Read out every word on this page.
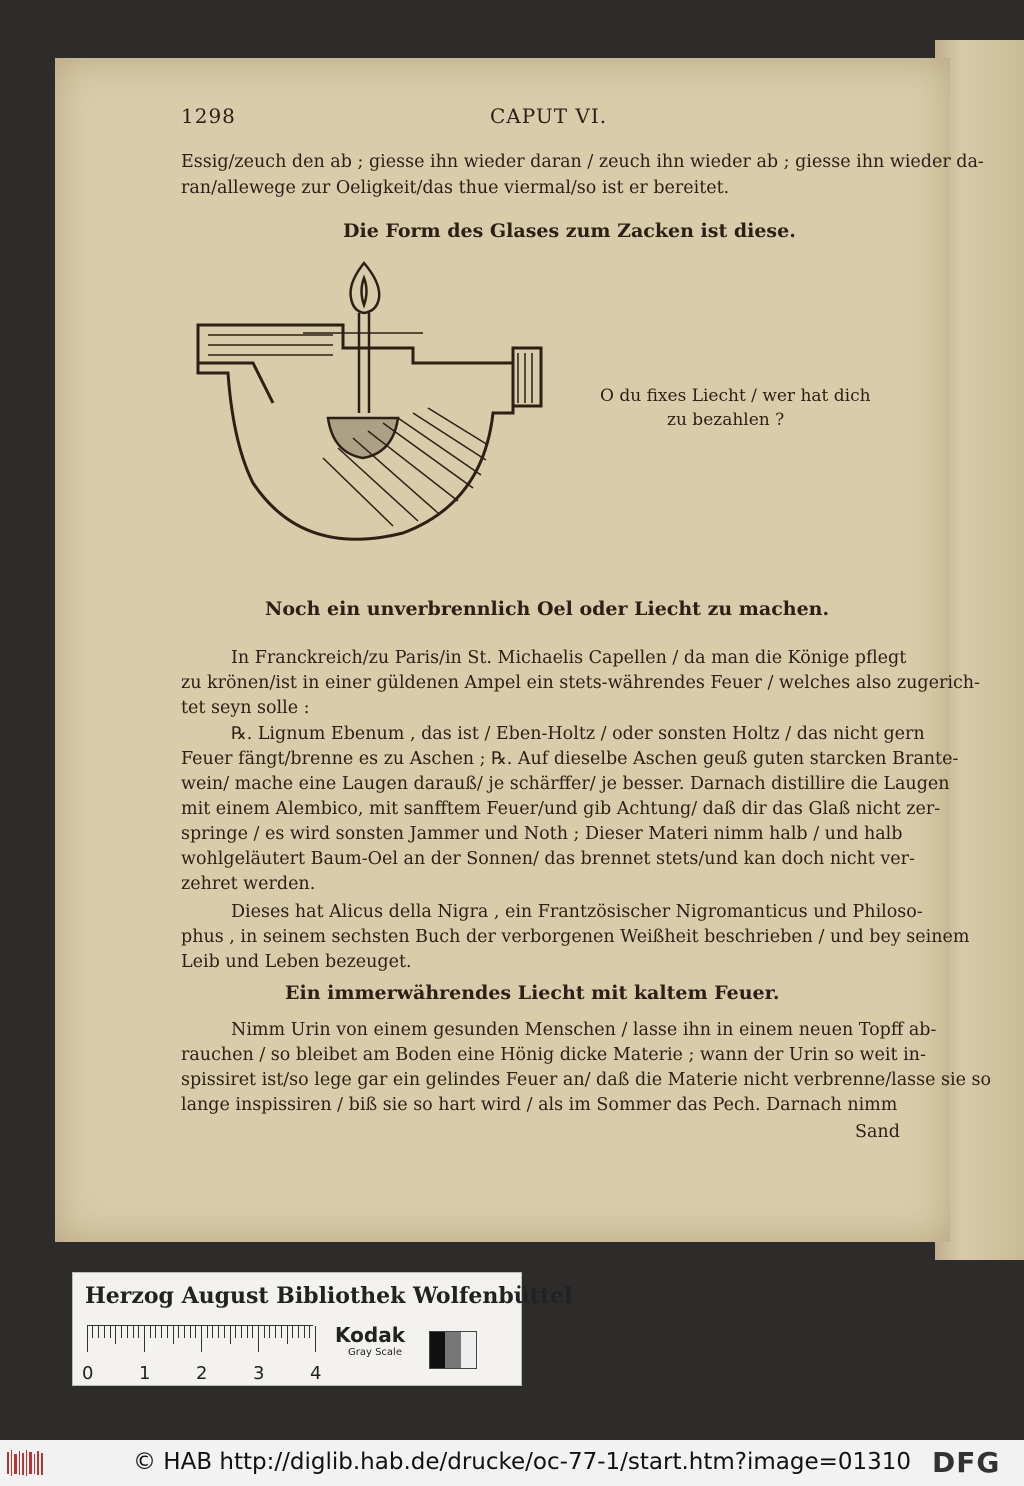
1298	CAPUT VI.
Essig/zeuch den ab ; giesse ihn wieder daran / zeuch ihn wieder ab ; giesse ihn wieder da-
ran/allewege zur Oeligkeit/das thue viermal/so ist er bereitet.
Die Form des Glases zum Zacken ist diese.
O du fixes Liecht / wer hat dich
zu bezahlen ?
Noch ein unverbrennlich Oel oder Liecht zu machen.
In Franckreich/zu Paris/in St. Michaelis Capellen / da man die Könige pflegt
zu krönen/ist in einer güldenen Ampel ein stets-währendes Feuer / welches also zugerich-
tet seyn solle :
℞. Lignum Ebenum , das ist / Eben-Holtz / oder sonsten Holtz / das nicht gern
Feuer fängt/brenne es zu Aschen ; ℞. Auf dieselbe Aschen geuß guten starcken Brante-
wein/ mache eine Laugen darauß/ je schärffer/ je besser. Darnach distillire die Laugen
mit einem Alembico, mit sanfftem Feuer/und gib Achtung/ daß dir das Glaß nicht zer-
springe / es wird sonsten Jammer und Noth ; Dieser Materi nimm halb / und halb
wohlgeläutert Baum-Oel an der Sonnen/ das brennet stets/und kan doch nicht ver-
zehret werden.
Dieses hat Alicus della Nigra , ein Frantzösischer Nigromanticus und Philoso-
phus , in seinem sechsten Buch der verborgenen Weißheit beschrieben / und bey seinem
Leib und Leben bezeuget.
Ein immerwährendes Liecht mit kaltem Feuer.
Nimm Urin von einem gesunden Menschen / lasse ihn in einem neuen Topff ab-
rauchen / so bleibet am Boden eine Hönig dicke Materie ; wann der Urin so weit in-
spissiret ist/so lege gar ein gelindes Feuer an/ daß die Materie nicht verbrenne/lasse sie so
lange inspissiren / biß sie so hart wird / als im Sommer das Pech. Darnach nimm
Sand
Herzog August Bibliothek Wolfenbüttel
0	1	2	3	4
Kodak
Gray Scale
© HAB http://diglib.hab.de/drucke/oc-77-1/start.htm?image=01310 DFG
